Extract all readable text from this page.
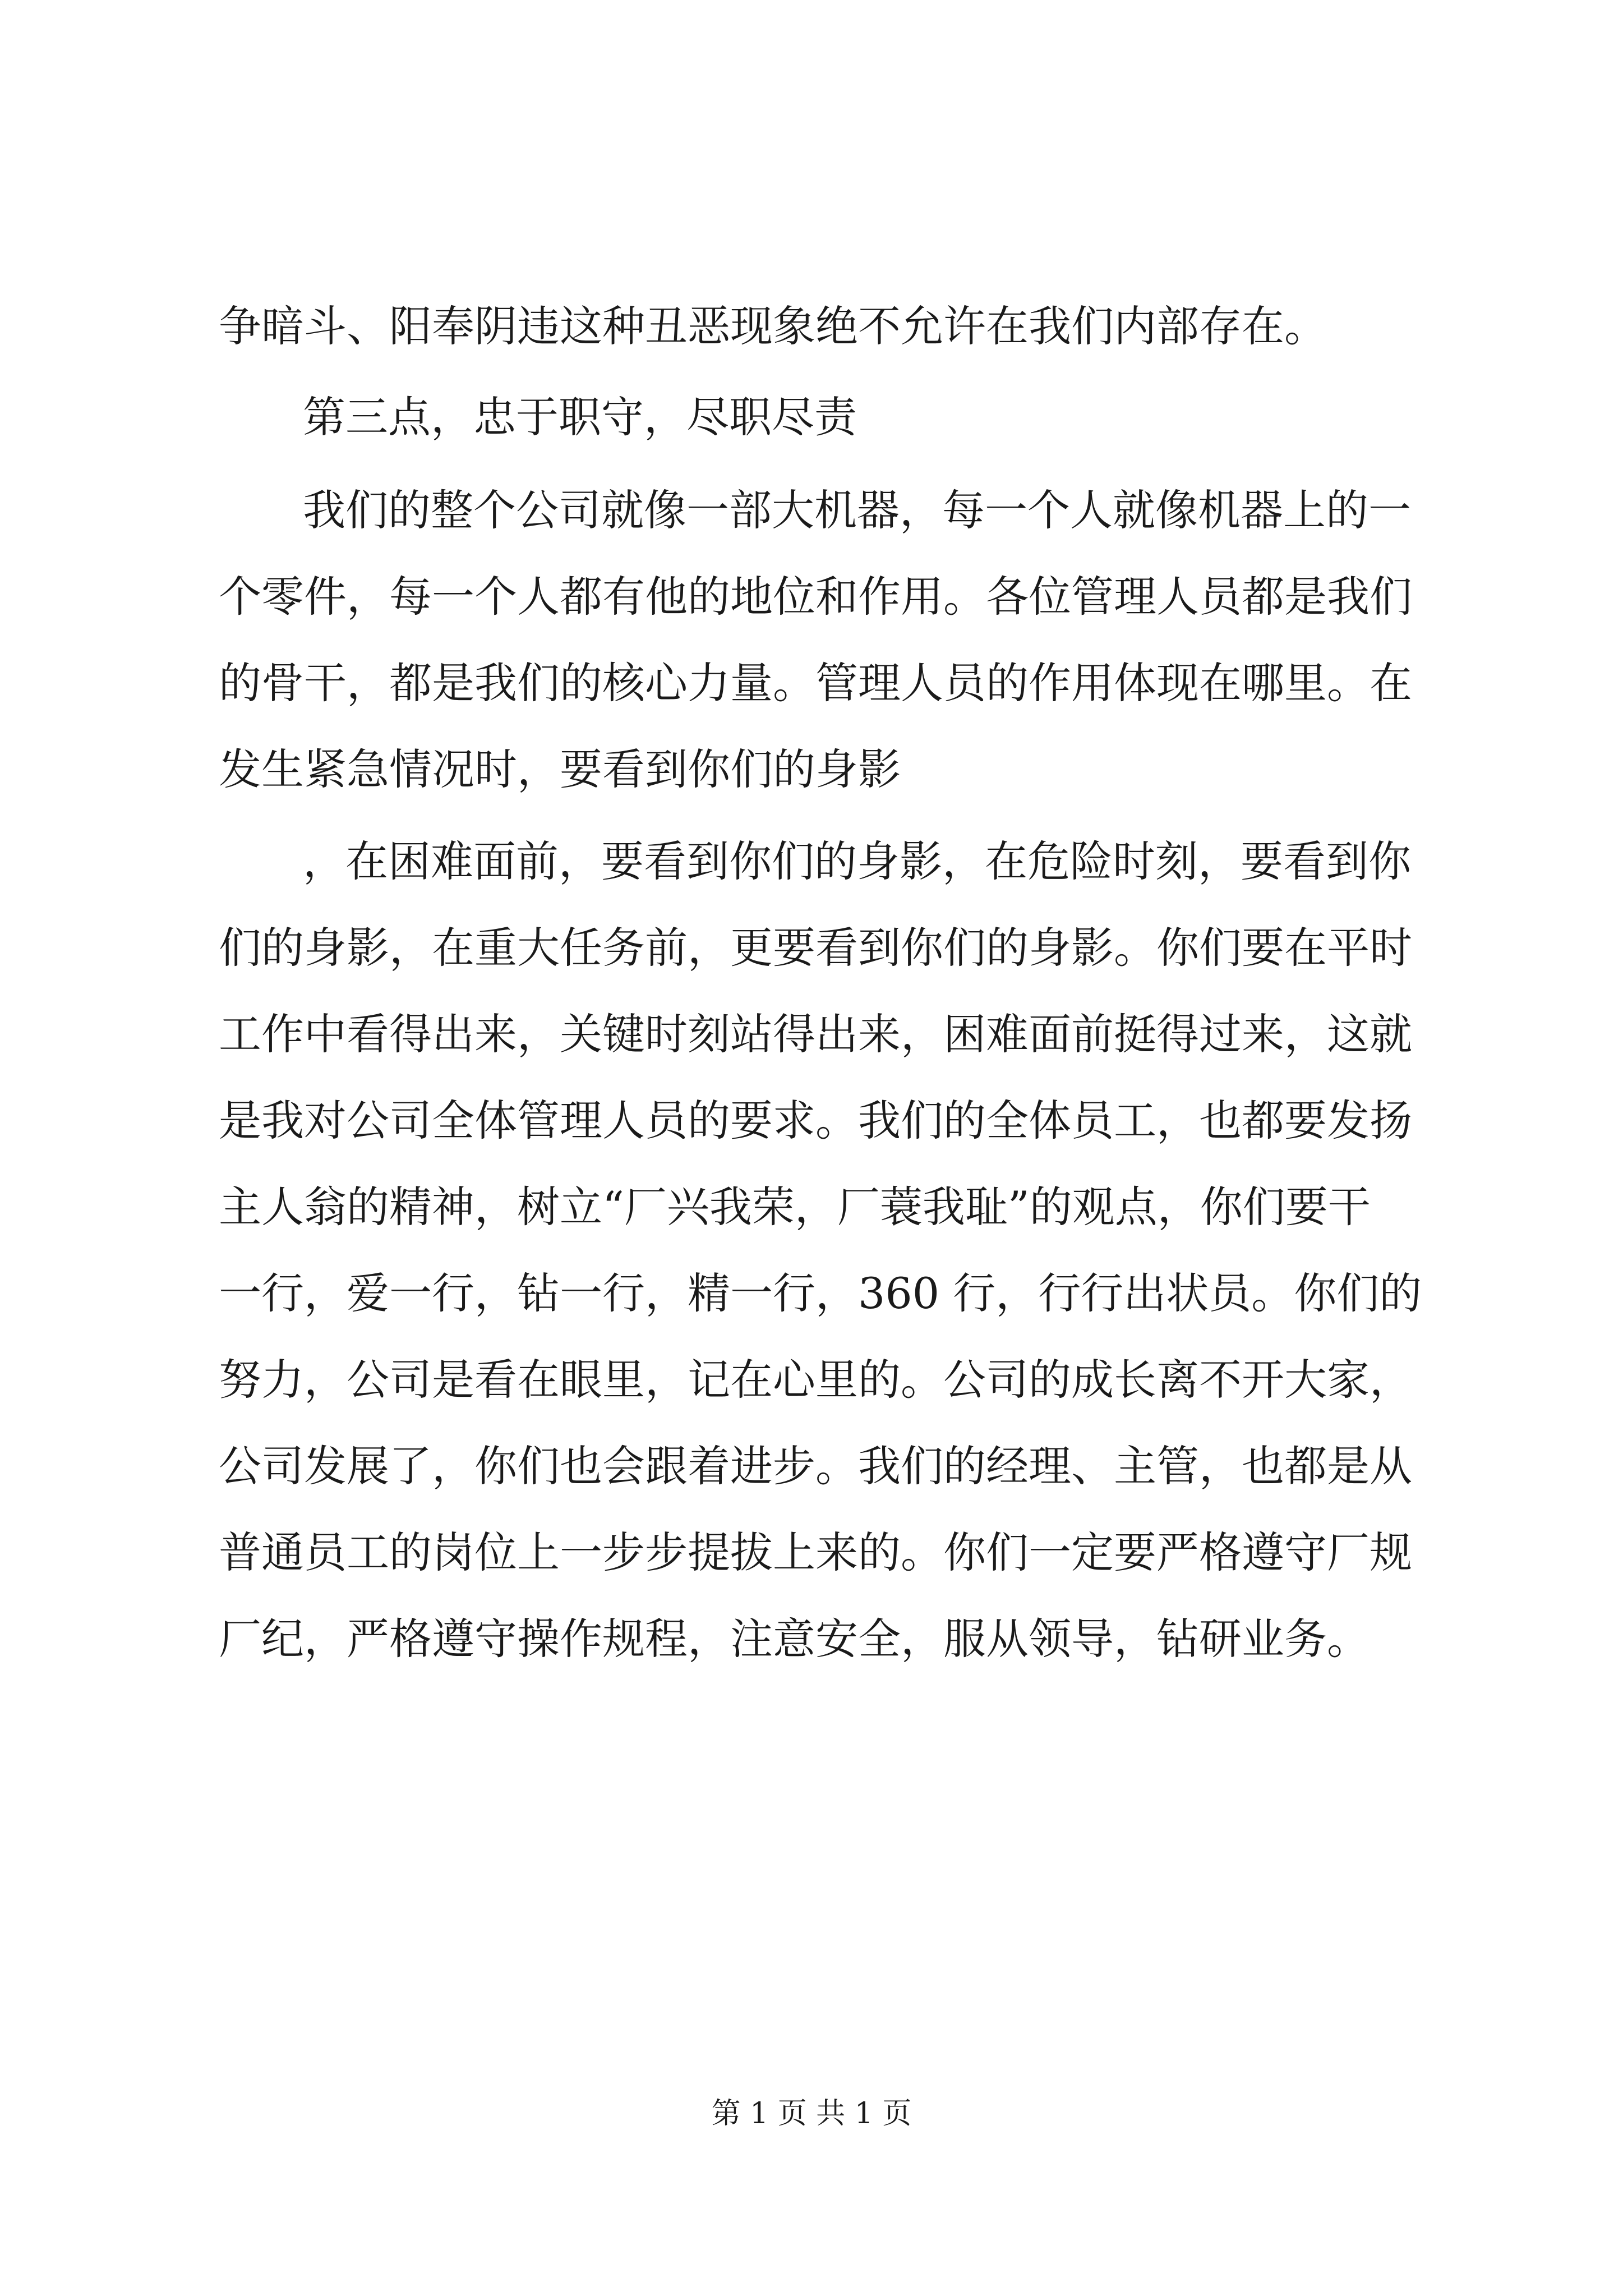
争暗斗、阳奉阴违这种丑恶现象绝不允许在我们内部存在。
第三点，忠于职守，尽职尽责
我们的整个公司就像一部大机器，每一个人就像机器上的一
个零件，每一个人都有他的地位和作用。各位管理人员都是我们
的骨干，都是我们的核心力量。管理人员的作用体现在哪里。在
发生紧急情况时，要看到你们的身影
，在困难面前，要看到你们的身影，在危险时刻，要看到你
们的身影，在重大任务前，更要看到你们的身影。你们要在平时
工作中看得出来，关键时刻站得出来，困难面前挺得过来，这就
是我对公司全体管理人员的要求。我们的全体员工，也都要发扬
主人翁的精神，树立“厂兴我荣，厂蓑我耻”的观点，你们要干
一行，爱一行，钻一行，精一行，360 行，行行出状员。你们的
努力，公司是看在眼里，记在心里的。公司的成长离不开大家，
公司发展了，你们也会跟着进步。我们的经理、主管，也都是从
普通员工的岗位上一步步提拔上来的。你们一定要严格遵守厂规
厂纪，严格遵守操作规程，注意安全，服从领导，钻研业务。
第 1 页 共 1 页
